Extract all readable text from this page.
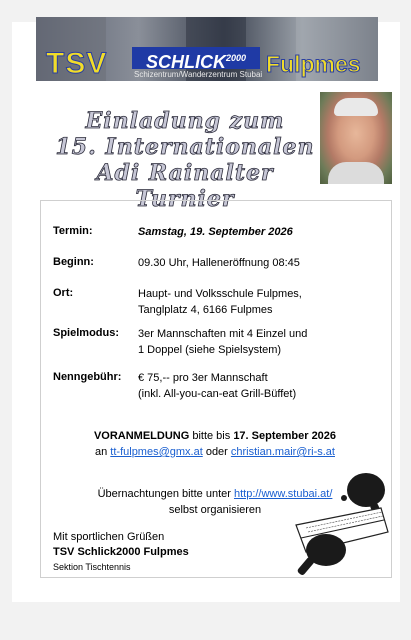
TSV	$SCHLICK^{2000}$
Schizentrum/Wanderzentrum Stubai Fulpmes
Einladung zum
15. Internationalen
Adi Rainalter
Turnier
Termin:	Samstag, 19. September 2026
Beginn:	09.30 Uhr, Halleneröffnung 08:45
Ort:	Haupt- und Volksschule Fulpmes,
Tanglplatz 4, 6166 Fulpmes
Spielmodus: 3er Mannschaften mit 4 Einzel und
1 Doppel (siehe Spielsystem)
Nenngebühr: € 75,-- pro 3er Mannschaft
(inkl. All-you-can-eat Grill-Büffet)
VORANMELDUNG bitte bis 17. September 2026
an tt-fulpmes@gmx.at oder christian.mair@ri-s.at
Übernachtungen bitte unter http://www.stubai.at/
selbst organisieren
Mit sportlichen Grüßen
TSV Schlick2000 Fulpmes
Sektion Tischtennis
